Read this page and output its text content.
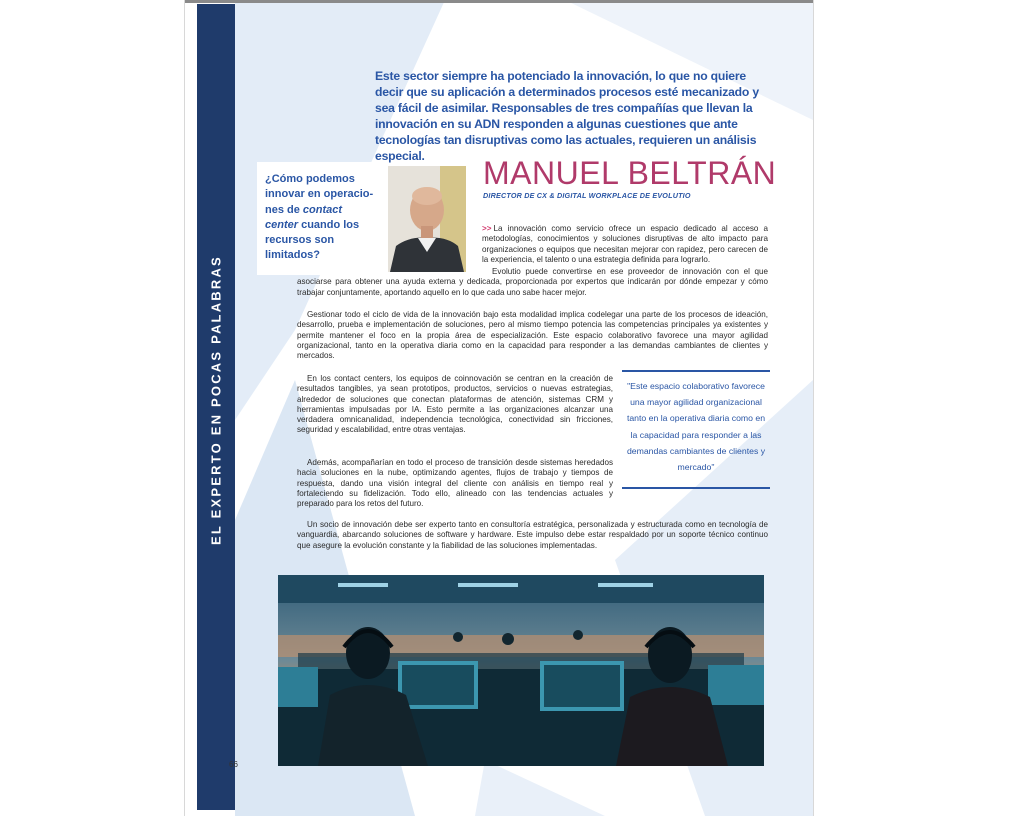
EL EXPERTO EN POCAS PALABRAS
Este sector siempre ha potenciado la innovación, lo que no quiere decir que su aplicación a determinados procesos esté mecanizado y sea fácil de asimilar. Responsables de tres compañías que llevan la innovación en su ADN responden a algunas cuestiones que ante tecnologías tan disruptivas como las actuales, requieren un análisis especial.
¿Cómo podemos innovar en operacio-nes de contact center cuando los recursos son limitados?
MANUEL BELTRÁN
DIRECTOR DE CX & DIGITAL WORKPLACE DE EVOLUTIO
>> La innovación como servicio ofrece un espacio dedicado al acceso a metodologías, conocimientos y soluciones disruptivas de alto impacto para organizaciones o equipos que necesitan mejorar con rapidez, pero carecen de la experiencia, el talento o una estrategia definida para lograrlo.
Evolutio puede convertirse en ese proveedor de innovación con el que asociarse para obtener una ayuda externa y dedicada, proporcionada por expertos que indicarán por dónde empezar y cómo trabajar conjuntamente, aportando aquello en lo que cada uno sabe hacer mejor.
Gestionar todo el ciclo de vida de la innovación bajo esta modalidad implica codelegar una parte de los procesos de ideación, desarrollo, prueba e implementación de soluciones, pero al mismo tiempo potencia las competencias principales ya existentes y permite mantener el foco en la propia área de especialización. Este espacio colaborativo favorece una mayor agilidad organizacional, tanto en la operativa diaria como en la capacidad para responder a las demandas cambiantes de clientes y mercados.
En los contact centers, los equipos de coinnovación se centran en la creación de resultados tangibles, ya sean prototipos, productos, servicios o nuevas estrategias, alrededor de soluciones que conectan plataformas de atención, sistemas CRM y herramientas impulsadas por IA. Esto permite a las organizaciones alcanzar una verdadera omnicanalidad, independencia tecnológica, conectividad sin fricciones, seguridad y escalabilidad, entre otras ventajas.
Además, acompañarían en todo el proceso de transición desde sistemas heredados hacia soluciones en la nube, optimizando agentes, flujos de trabajo y tiempos de respuesta, dando una visión integral del cliente con análisis en tiempo real y fortaleciendo su fidelización. Todo ello, alineado con las tendencias actuales y preparado para los retos del futuro.
Un socio de innovación debe ser experto tanto en consultoría estratégica, personalizada y estructurada como en tecnología de vanguardia, abarcando soluciones de software y hardware. Este impulso debe estar respaldado por un soporte técnico continuo que asegure la evolución constante y la fiabilidad de las soluciones implementadas.
"Este espacio colaborativo favorece una mayor agilidad organizacional tanto en la operativa diaria como en la capacidad para responder a las demandas cambiantes de clientes y mercado"
66
